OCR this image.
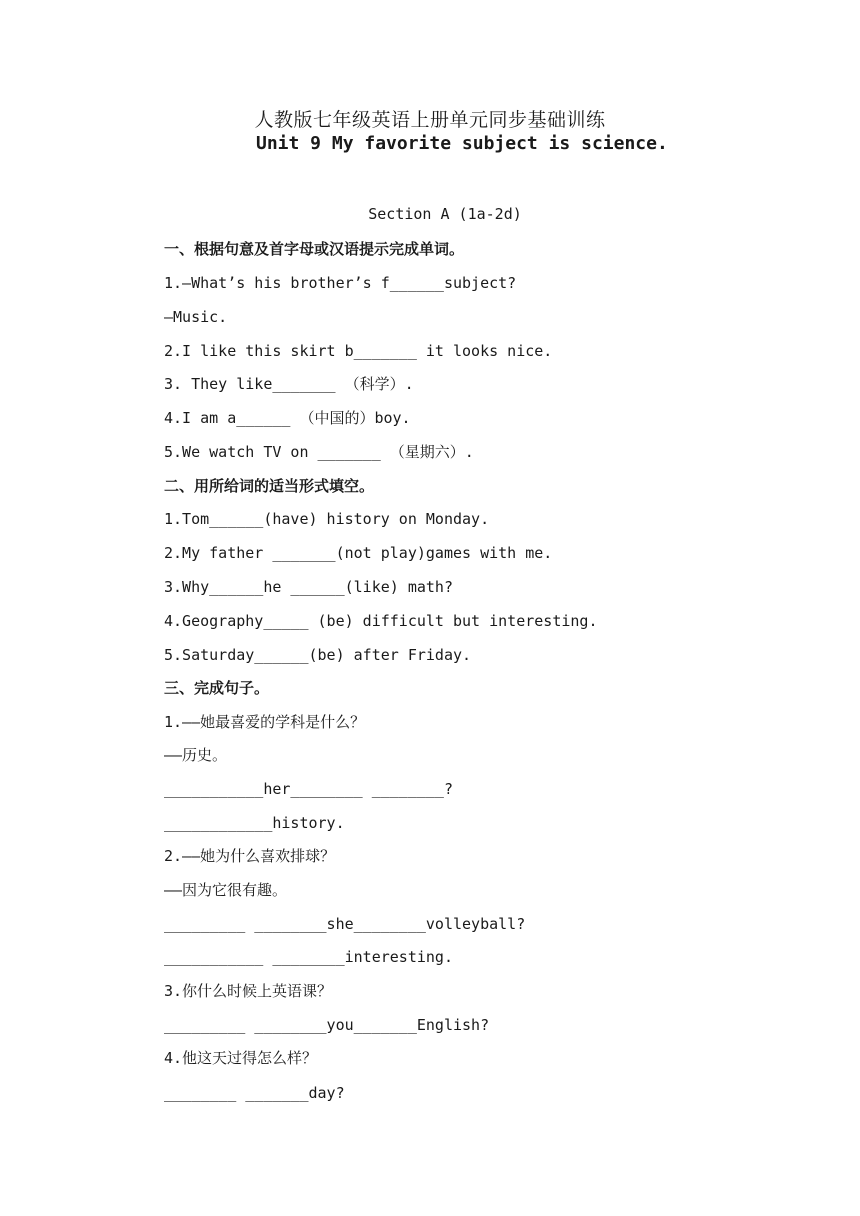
人教版七年级英语上册单元同步基础训练
Unit 9 My favorite subject is science.
Section A (1a-2d)
一、根据句意及首字母或汉语提示完成单词。
1.—What’s his brother’s f______subject?
—Music.
2.I like this skirt b_______ it looks nice.
3. They like_______ （科学）.
4.I am a______ （中国的）boy.
5.We watch TV on _______ （星期六）.
二、用所给词的适当形式填空。
1.Tom______(have) history on Monday.
2.My father _______(not play)games with me.
3.Why______he ______(like) math?
4.Geography_____ (be) difficult but interesting.
5.Saturday______(be) after Friday.
三、完成句子。
1.——她最喜爱的学科是什么？
——历史。
___________her________ ________?
____________history.
2.——她为什么喜欢排球？
——因为它很有趣。
_________ ________she________volleyball?
___________ ________interesting.
3.你什么时候上英语课？
_________ ________you_______English?
4.他这天过得怎么样？
________ _______day?
